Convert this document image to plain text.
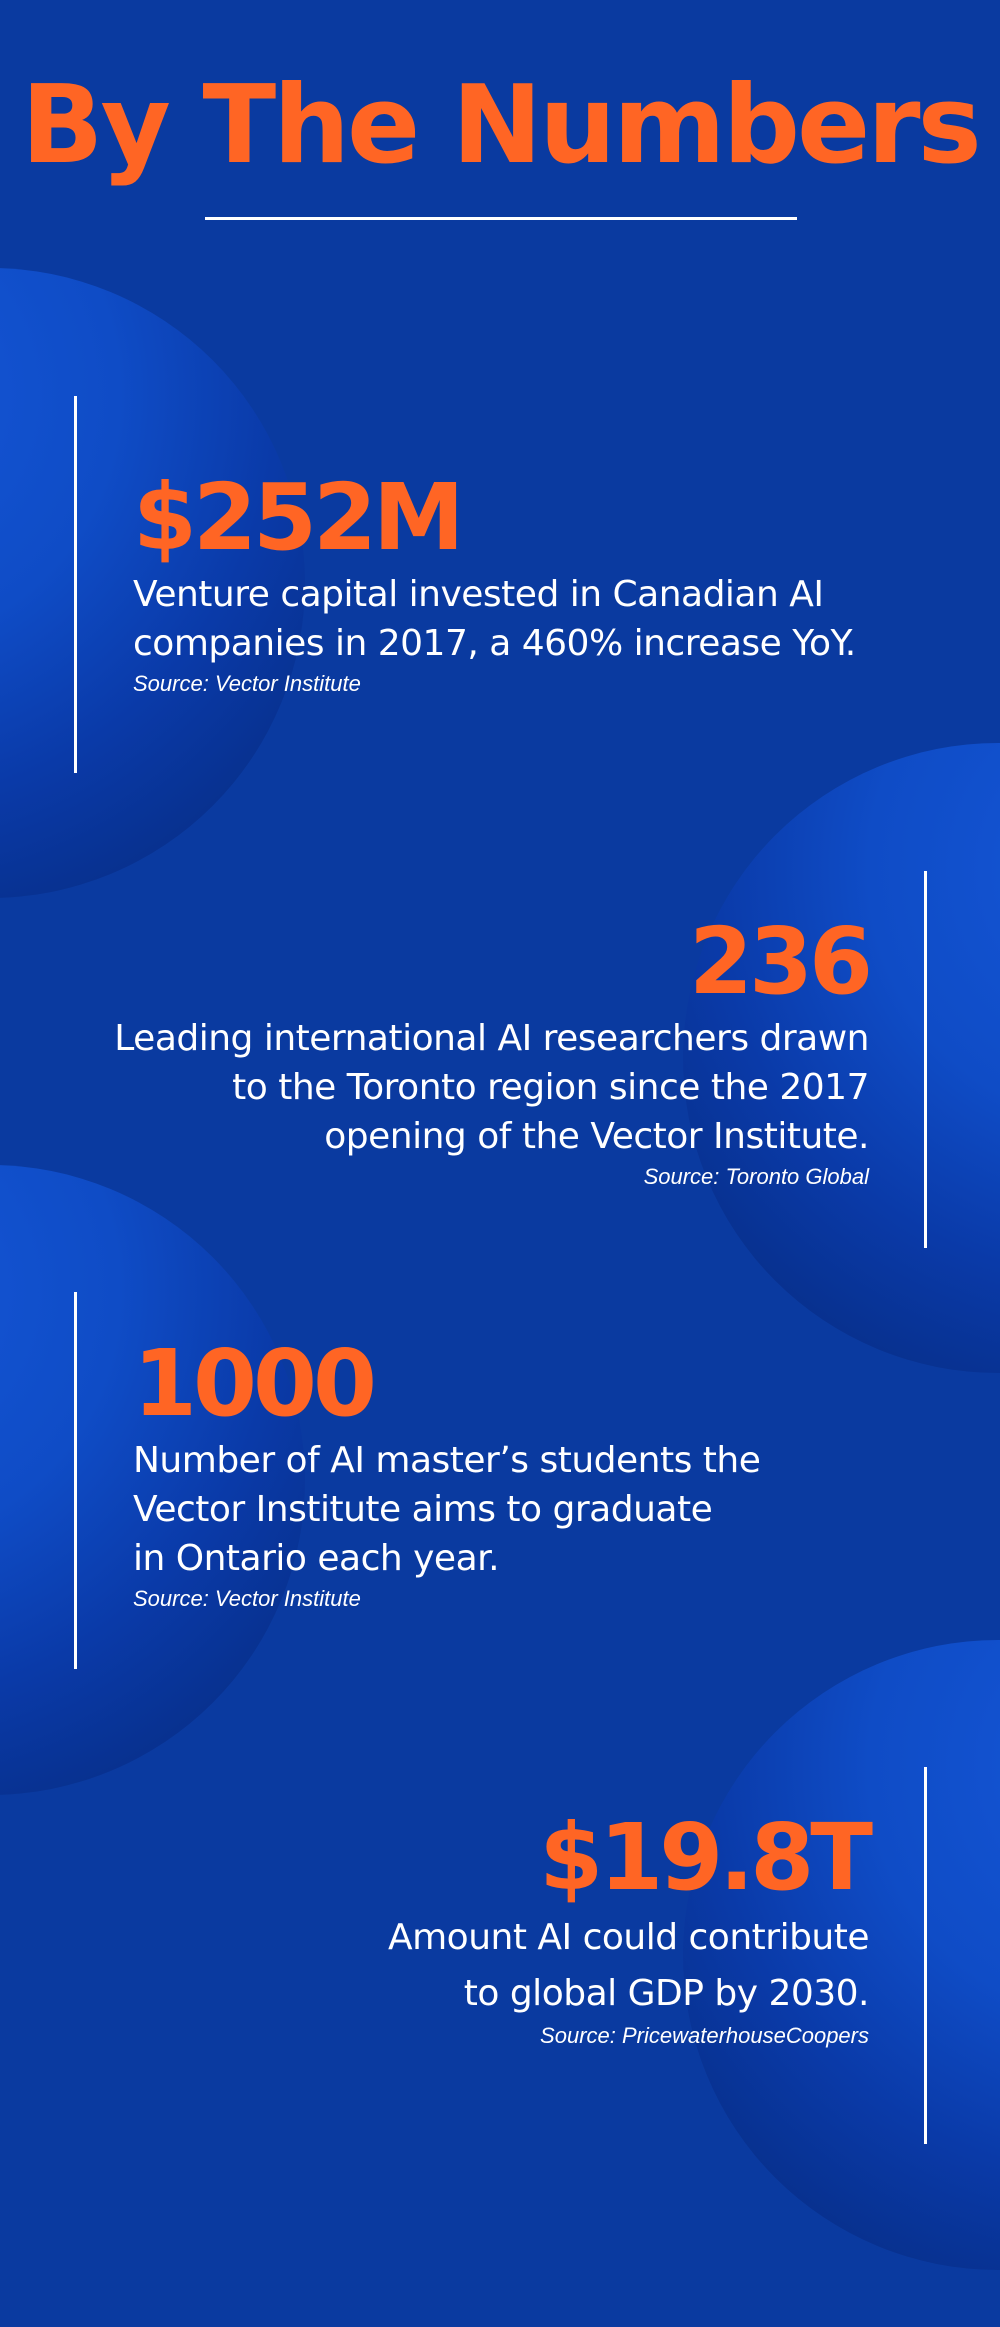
By The Numbers
$252M
Venture capital invested in Canadian AI
companies in 2017, a 460% increase YoY.
Source: Vector Institute
236
Leading international AI researchers drawn
to the Toronto region since the 2017
opening of the Vector Institute.
Source: Toronto Global
1000
Number of AI master’s students the
Vector Institute aims to graduate
in Ontario each year.
Source: Vector Institute
$19.8T
Amount AI could contribute
to global GDP by 2030.
Source: PricewaterhouseCoopers
